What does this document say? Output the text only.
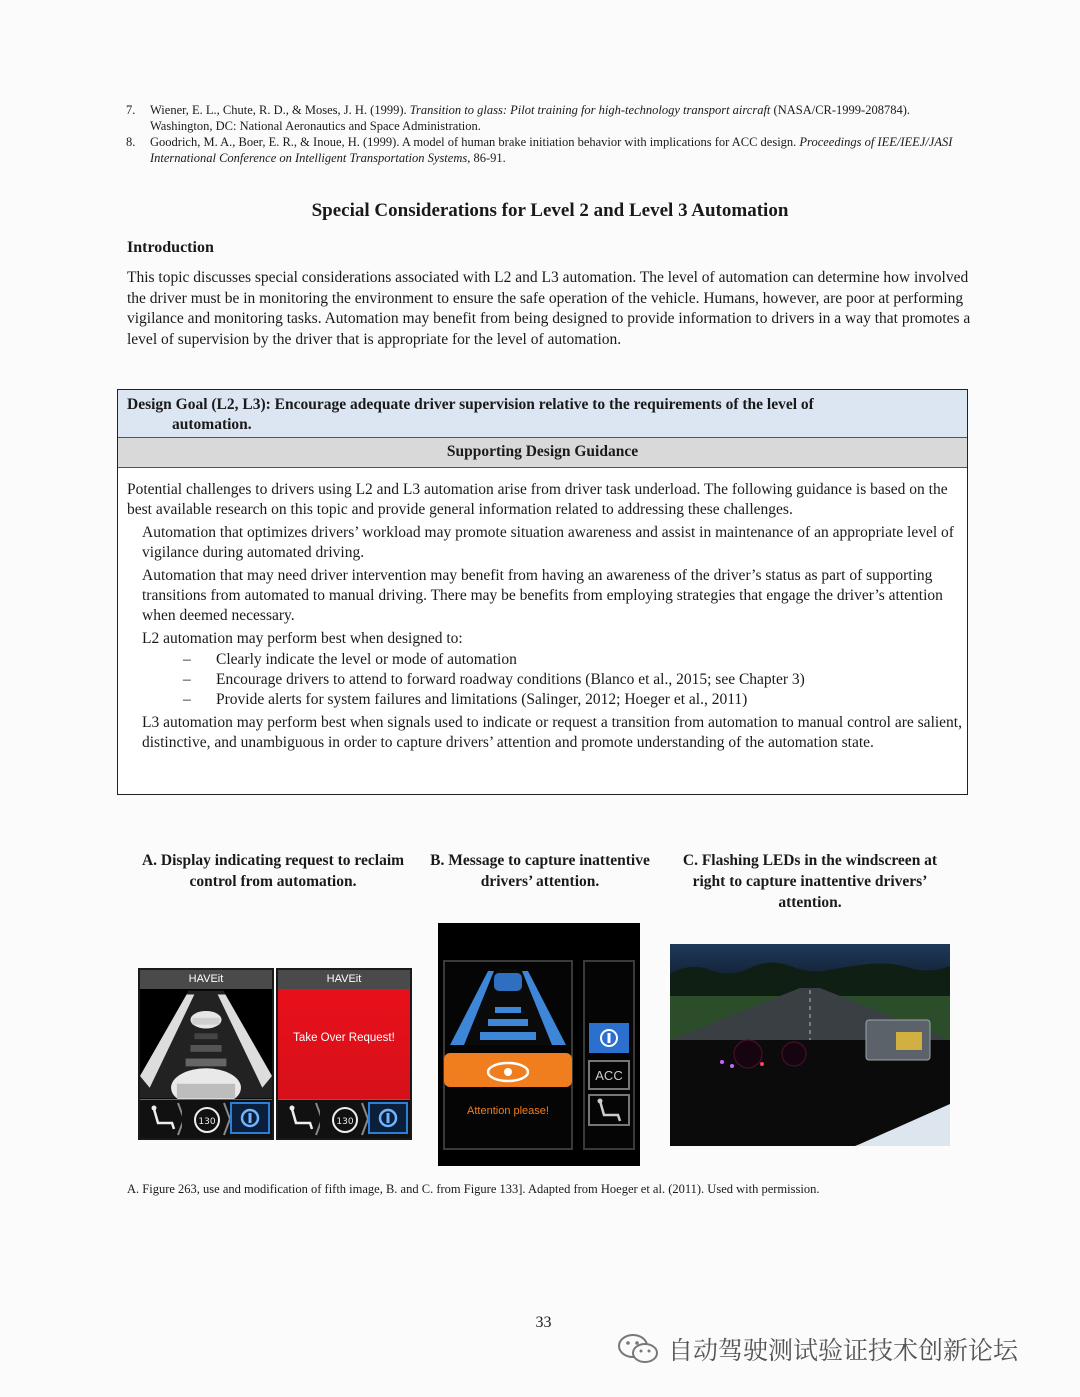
7. Wiener, E. L., Chute, R. D., & Moses, J. H. (1999). Transition to glass: Pilot training for high-technology transport aircraft (NASA/CR-1999-208784). Washington, DC: National Aeronautics and Space Administration.
8. Goodrich, M. A., Boer, E. R., & Inoue, H. (1999). A model of human brake initiation behavior with implications for ACC design. Proceedings of IEE/IEEJ/JASI International Conference on Intelligent Transportation Systems, 86-91.
Special Considerations for Level 2 and Level 3 Automation
Introduction
This topic discusses special considerations associated with L2 and L3 automation. The level of automation can determine how involved the driver must be in monitoring the environment to ensure the safe operation of the vehicle. Humans, however, are poor at performing vigilance and monitoring tasks. Automation may benefit from being designed to provide information to drivers in a way that promotes a level of supervision by the driver that is appropriate for the level of automation.
Design Goal (L2, L3): Encourage adequate driver supervision relative to the requirements of the level of
automation.
Supporting Design Guidance

Potential challenges to drivers using L2 and L3 automation arise from driver task underload. The following guidance is based on the best available research on this topic and provide general information related to addressing these challenges.

Automation that optimizes drivers’ workload may promote situation awareness and assist in maintenance of an appropriate level of vigilance during automated driving.

Automation that may need driver intervention may benefit from having an awareness of the driver’s status as part of supporting transitions from automated to manual driving. There may be benefits from employing strategies that engage the driver’s attention when deemed necessary.

L2 automation may perform best when designed to:

– Clearly indicate the level or mode of automation
– Encourage drivers to attend to forward roadway conditions (Blanco et al., 2015; see Chapter 3)
– Provide alerts for system failures and limitations (Salinger, 2012; Hoeger et al., 2011)

L3 automation may perform best when signals used to indicate or request a transition from automation to manual control are salient, distinctive, and unambiguous in order to capture drivers’ attention and promote understanding of the automation state.

A. Display indicating request to reclaim control from automation.
B. Message to capture inattentive drivers’ attention.
C. Flashing LEDs in the windscreen at right to capture inattentive drivers’ attention.
HAVEit
130
HAVEit
Take Over Request!
130
ACC
Attention please!
A. Figure 263, use and modification of fifth image, B. and C. from Figure 133]. Adapted from Hoeger et al. (2011). Used with permission.
33
自动驾驶测试验证技术创新论坛
